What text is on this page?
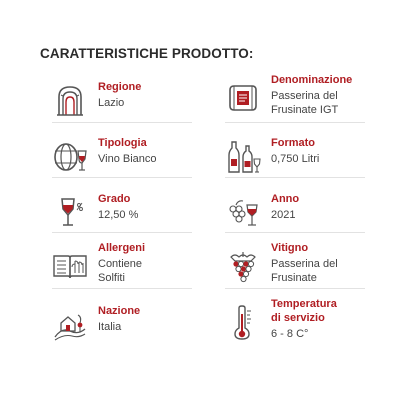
CARATTERISTICHE PRODOTTO:
Regione
Lazio
Denominazione
Passerina del
Frusinate IGT
Tipologia
Vino Bianco
Formato
0,750 Litri
Grado
12,50 %
Anno
2021
Allergeni
Contiene
Solfiti
Vitigno
Passerina del
Frusinate
Nazione
Italia
Temperatura
di servizio
6 - 8 C°
